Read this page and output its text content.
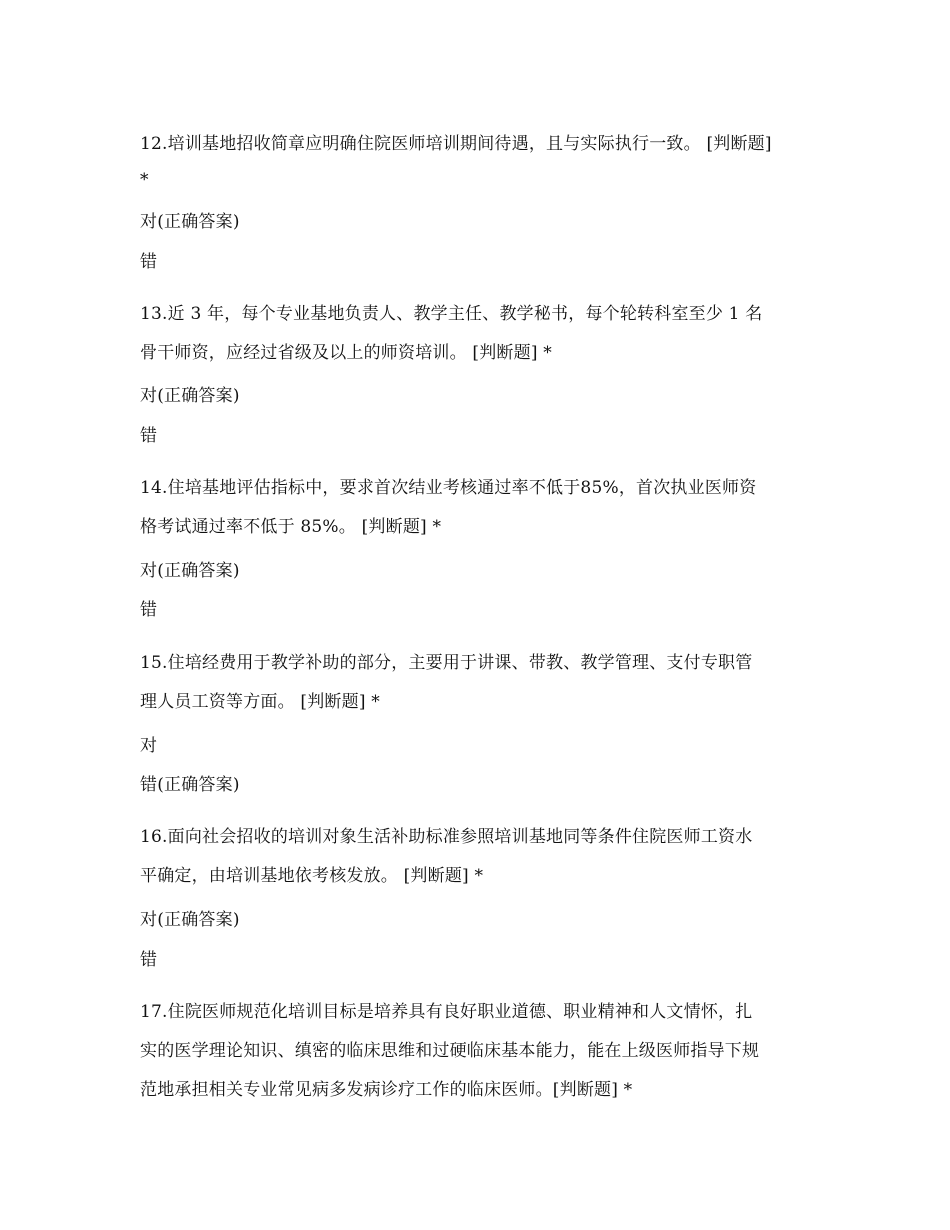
12.培训基地招收简章应明确住院医师培训期间待遇，且与实际执行一致。 [判断题]
*
对(正确答案)
错
13.近 3 年，每个专业基地负责人、教学主任、教学秘书，每个轮转科室至少 1 名
骨干师资，应经过省级及以上的师资培训。 [判断题] *
对(正确答案)
错
14.住培基地评估指标中，要求首次结业考核通过率不低于85%，首次执业医师资
格考试通过率不低于 85%。 [判断题] *
对(正确答案)
错
15.住培经费用于教学补助的部分，主要用于讲课、带教、教学管理、支付专职管
理人员工资等方面。 [判断题] *
对
错(正确答案)
16.面向社会招收的培训对象生活补助标准参照培训基地同等条件住院医师工资水
平确定，由培训基地依考核发放。 [判断题] *
对(正确答案)
错
17.住院医师规范化培训目标是培养具有良好职业道德、职业精神和人文情怀，扎
实的医学理论知识、缜密的临床思维和过硬临床基本能力，能在上级医师指导下规
范地承担相关专业常见病多发病诊疗工作的临床医师。[判断题] *
